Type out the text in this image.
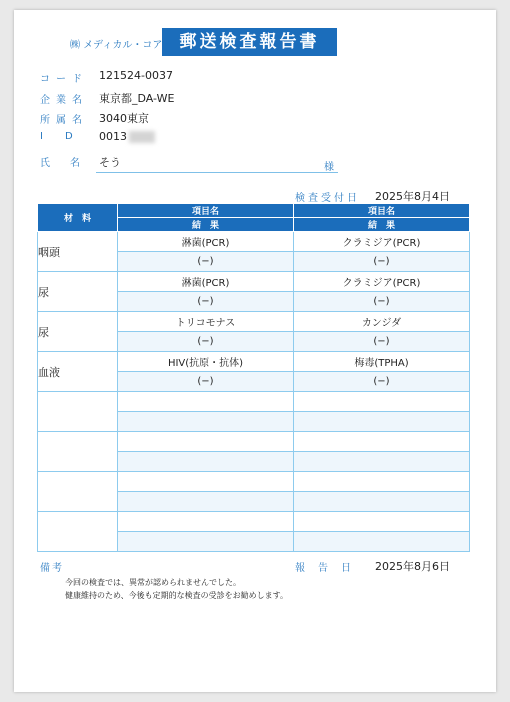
㈱ メディカル・コア	郵送検査報告書
コード 121524-0037
企業名 東京都_DA-WE
所属名 3040東京
ID 0013
氏名 そう	様
検査受付日 2025年8月4日
材　料	項目名	項目名
	結　果	結　果
咽頭	淋菌(PCR)	クラミジア(PCR)
	(−)	(−)
尿	淋菌(PCR)	クラミジア(PCR)
	(−)	(−)
尿	トリコモナス	カンジダ
	(−)	(−)
血液	HIV(抗原・抗体)	梅毒(TPHA)
	(−)	(−)

備考	報告日 2025年8月6日
今回の検査では、異常が認められませんでした。
健康維持のため、今後も定期的な検査の受診をお勧めします。
